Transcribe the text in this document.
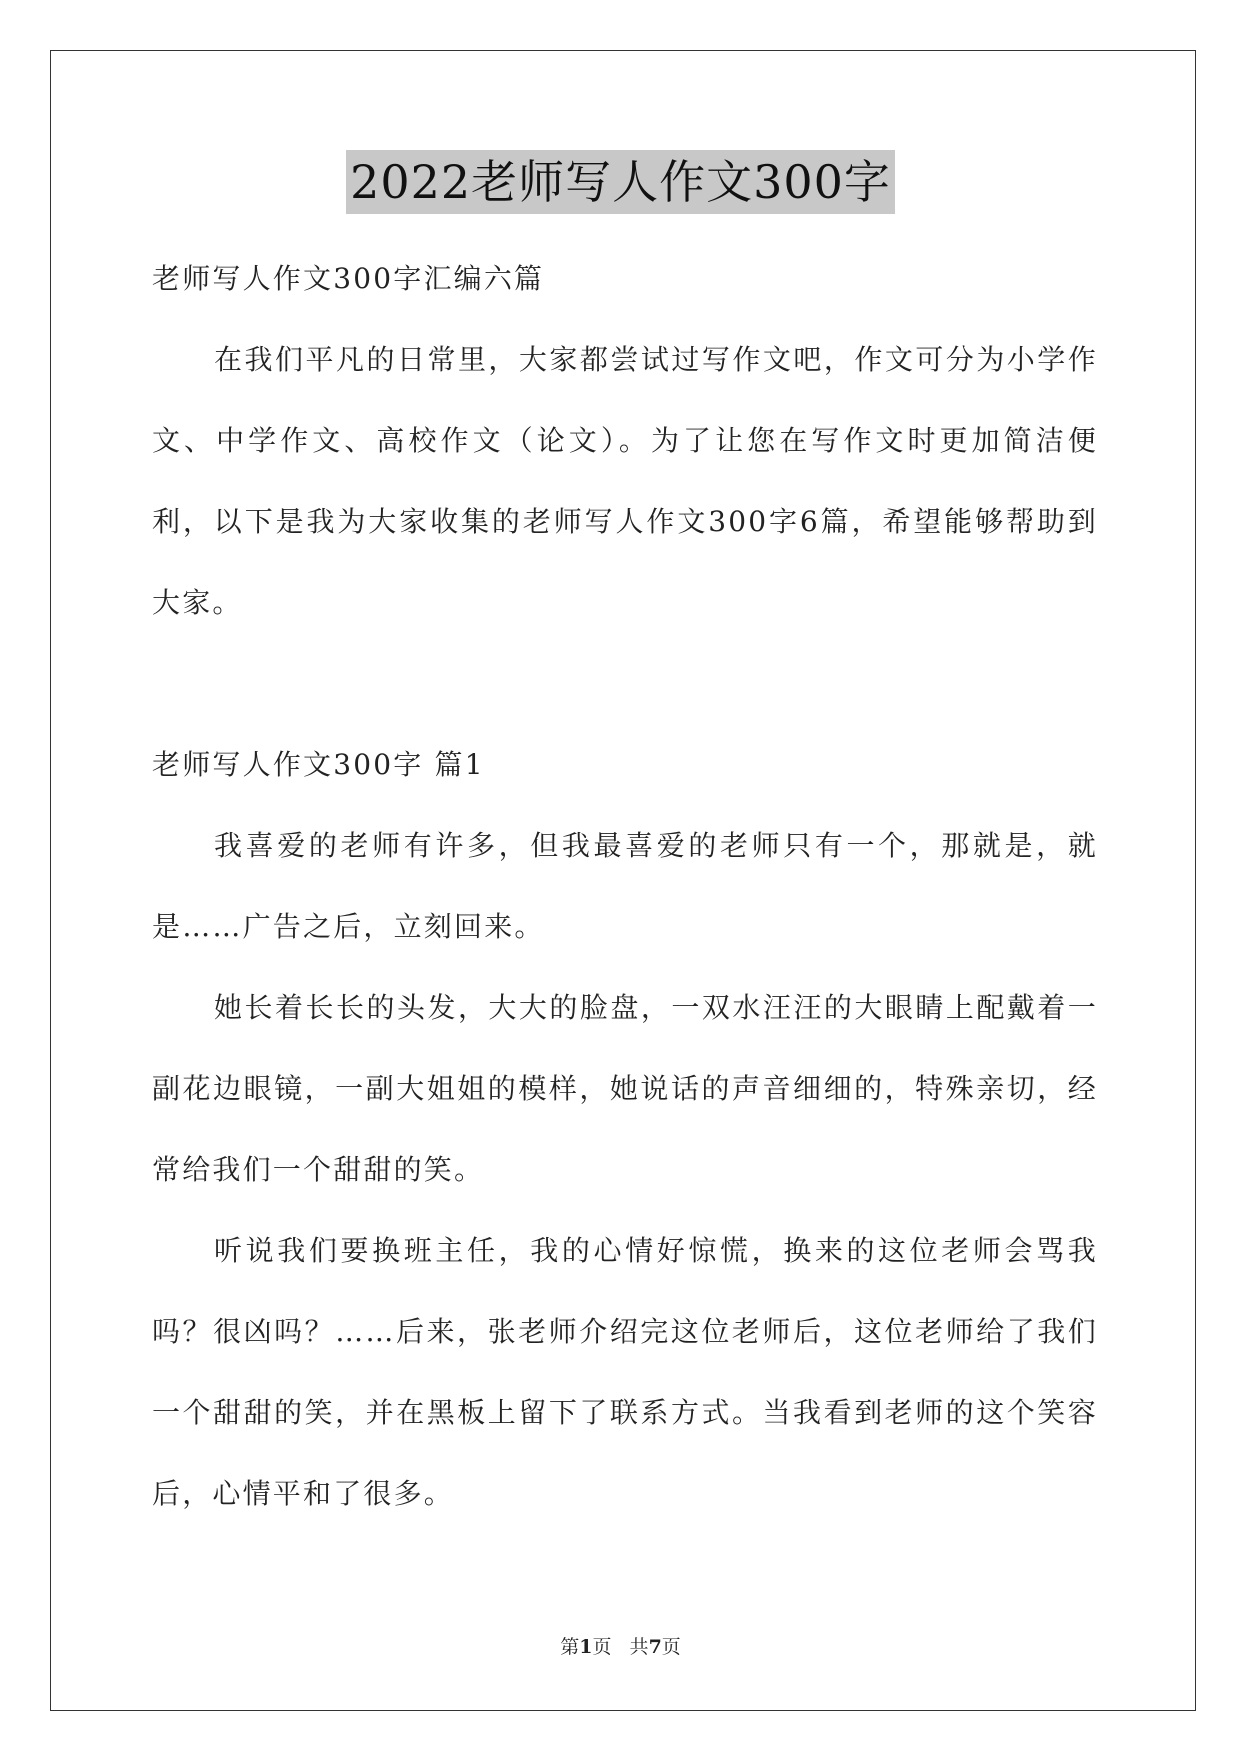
2022老师写人作文300字

老师写人作文300字汇编六篇

在我们平凡的日常里，大家都尝试过写作文吧，作文可分为小学作文、中学作文、高校作文（论文）。为了让您在写作文时更加简洁便利，以下是我为大家收集的老师写人作文300字6篇，希望能够帮助到大家。

老师写人作文300字 篇1

我喜爱的老师有许多，但我最喜爱的老师只有一个，那就是，就是……广告之后，立刻回来。

她长着长长的头发，大大的脸盘，一双水汪汪的大眼睛上配戴着一副花边眼镜，一副大姐姐的模样，她说话的声音细细的，特殊亲切，经常给我们一个甜甜的笑。

听说我们要换班主任，我的心情好惊慌，换来的这位老师会骂我吗？很凶吗？……后来，张老师介绍完这位老师后，这位老师给了我们一个甜甜的笑，并在黑板上留下了联系方式。当我看到老师的这个笑容后，心情平和了很多。

第1页   共7页
